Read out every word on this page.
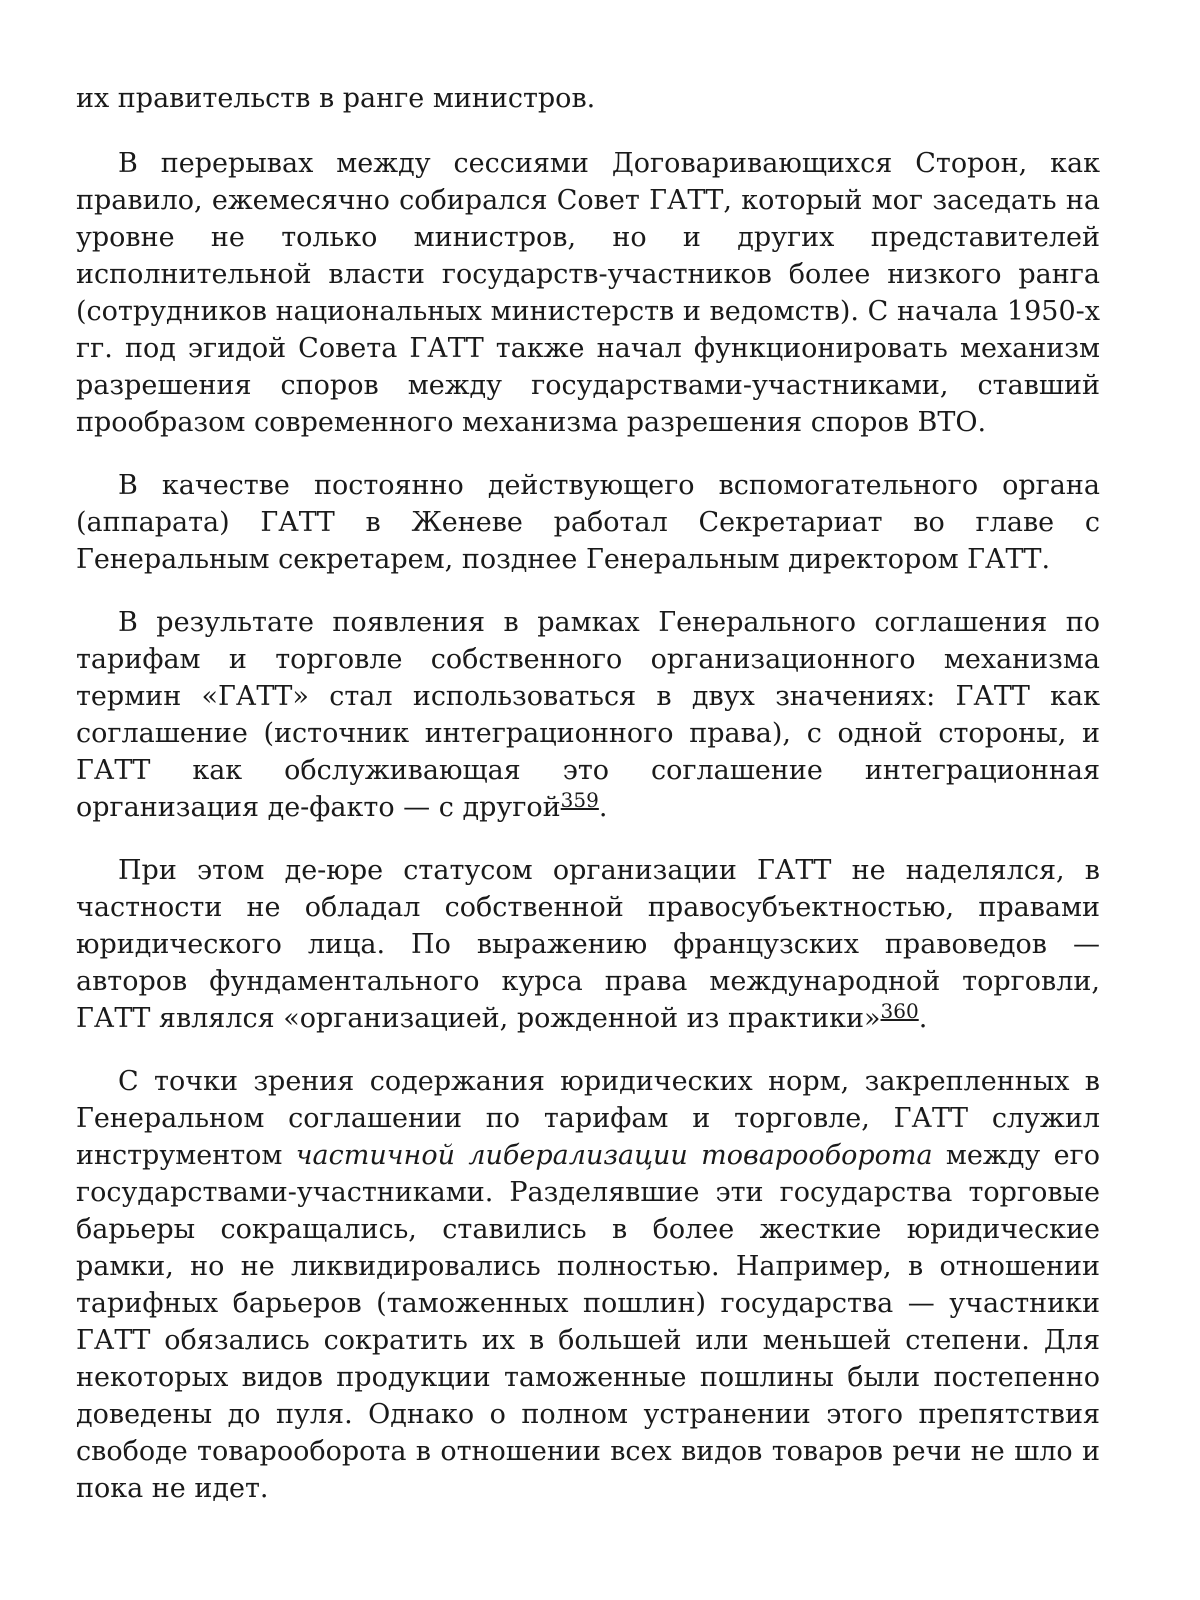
их правительств в ранге министров.

В перерывах между сессиями Договаривающихся Сторон, как правило, ежемесячно собирался Совет ГАТТ, который мог заседать на уровне не только министров, но и других представителей исполнительной власти государств-участников более низкого ранга (сотрудников национальных министерств и ведомств). С начала 1950-х гг. под эгидой Совета ГАТТ также начал функционировать механизм разрешения споров между государствами-участниками, ставший прообразом современного механизма разрешения споров ВТО.

В качестве постоянно действующего вспомогательного органа (аппарата) ГАТТ в Женеве работал Секретариат во главе с Генеральным секретарем, позднее Генеральным директором ГАТТ.

В результате появления в рамках Генерального соглашения по тарифам и торговле собственного организационного механизма термин «ГАТТ» стал использоваться в двух значениях: ГАТТ как соглашение (источник интеграционного права), с одной стороны, и ГАТТ как обслуживающая это соглашение интеграционная организация де-факто — с другой$^{359}$.

При этом де-юре статусом организации ГАТТ не наделялся, в частности не обладал собственной правосубъектностью, правами юридического лица. По выражению французских правоведов — авторов фундаментального курса права международной торговли, ГАТТ являлся «организацией, рожденной из практики»$^{360}$.

С точки зрения содержания юридических норм, закрепленных в Генеральном соглашении по тарифам и торговле, ГАТТ служил инструментом частичной либерализации товарооборота между его государствами-участниками. Разделявшие эти государства торговые барьеры сокращались, ставились в более жесткие юридические рамки, но не ликвидировались полностью. Например, в отношении тарифных барьеров (таможенных пошлин) государства — участники ГАТТ обязались сократить их в большей или меньшей степени. Для некоторых видов продукции таможенные пошлины были постепенно доведены до пуля. Однако о полном устранении этого препятствия свободе товарооборота в отношении всех видов товаров речи не шло и пока не идет.
